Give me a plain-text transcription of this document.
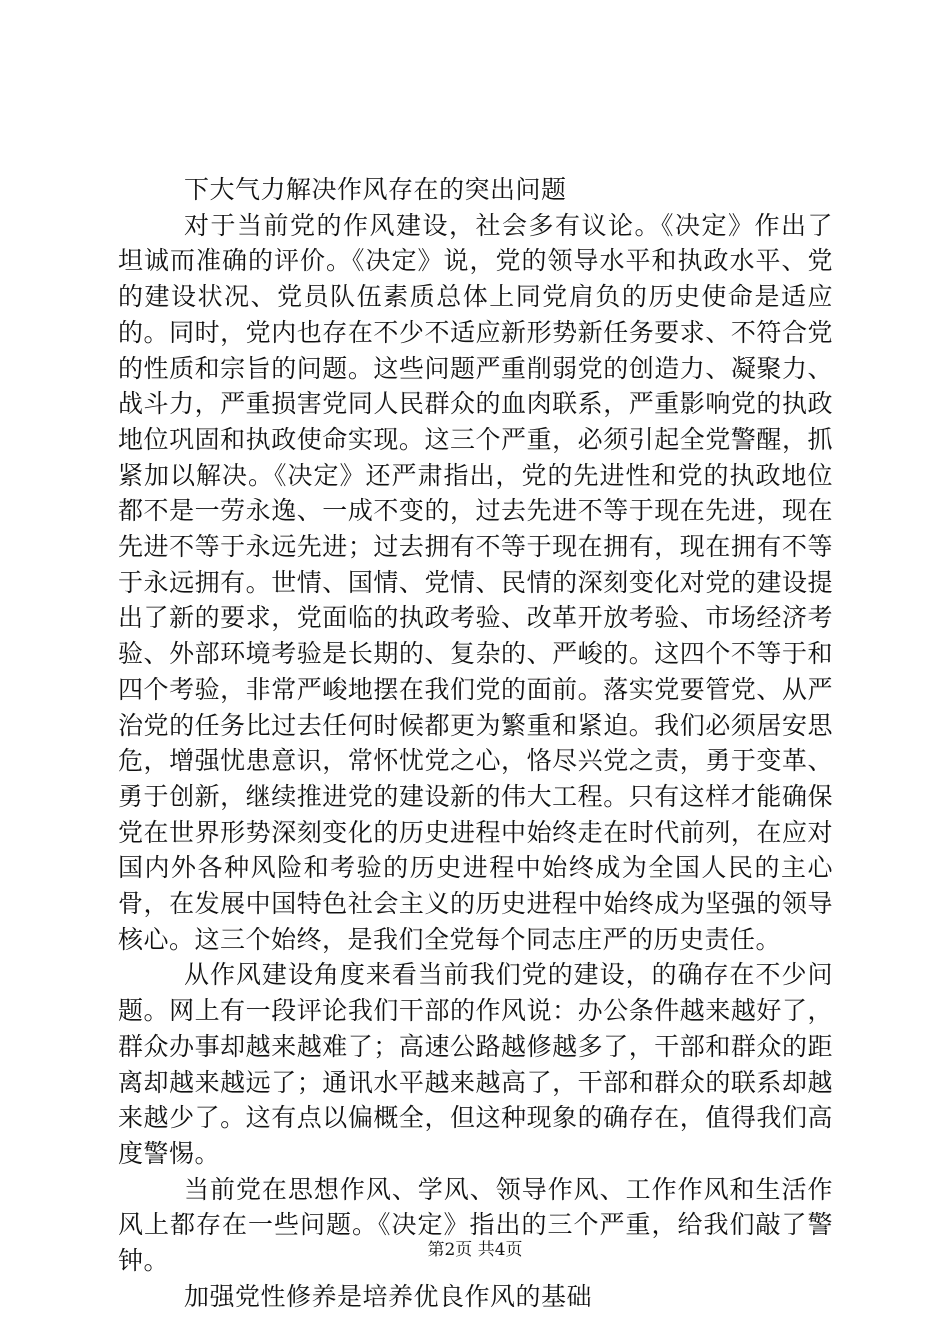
下大气力解决作风存在的突出问题

对于当前党的作风建设，社会多有议论。《决定》作出了坦诚而准确的评价。《决定》说，党的领导水平和执政水平、党的建设状况、党员队伍素质总体上同党肩负的历史使命是适应的。同时，党内也存在不少不适应新形势新任务要求、不符合党的性质和宗旨的问题。这些问题严重削弱党的创造力、凝聚力、战斗力，严重损害党同人民群众的血肉联系，严重影响党的执政地位巩固和执政使命实现。这三个严重，必须引起全党警醒，抓紧加以解决。《决定》还严肃指出，党的先进性和党的执政地位都不是一劳永逸、一成不变的，过去先进不等于现在先进，现在先进不等于永远先进；过去拥有不等于现在拥有，现在拥有不等于永远拥有。世情、国情、党情、民情的深刻变化对党的建设提出了新的要求，党面临的执政考验、改革开放考验、市场经济考验、外部环境考验是长期的、复杂的、严峻的。这四个不等于和四个考验，非常严峻地摆在我们党的面前。落实党要管党、从严治党的任务比过去任何时候都更为繁重和紧迫。我们必须居安思危，增强忧患意识，常怀忧党之心，恪尽兴党之责，勇于变革、勇于创新，继续推进党的建设新的伟大工程。只有这样才能确保党在世界形势深刻变化的历史进程中始终走在时代前列，在应对国内外各种风险和考验的历史进程中始终成为全国人民的主心骨，在发展中国特色社会主义的历史进程中始终成为坚强的领导核心。这三个始终，是我们全党每个同志庄严的历史责任。

从作风建设角度来看当前我们党的建设，的确存在不少问题。网上有一段评论我们干部的作风说：办公条件越来越好了，群众办事却越来越难了；高速公路越修越多了，干部和群众的距离却越来越远了；通讯水平越来越高了，干部和群众的联系却越来越少了。这有点以偏概全，但这种现象的确存在，值得我们高度警惕。

当前党在思想作风、学风、领导作风、工作作风和生活作风上都存在一些问题。《决定》指出的三个严重，给我们敲了警钟。

加强党性修养是培养优良作风的基础

第2页 共4页
